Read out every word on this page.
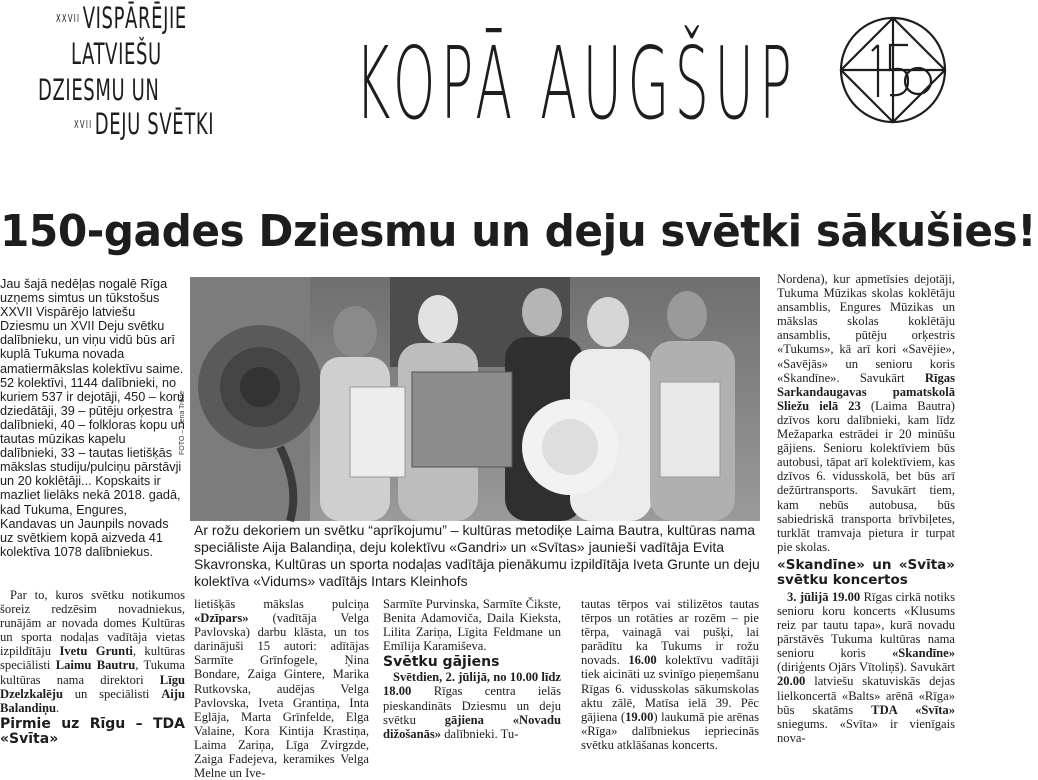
$^{XXVII}$VISPĀRĒJIE
LATVIEŠU
DZIESMU UN
$^{XVII}$DEJU SVĒTKI KOPĀ AUGŠUP	150
150-gades Dziesmu un deju svētki sākušies!
Jau šajā nedēļas nogalē Rīga uzņems simtus un tūkstošus XXVII Vispārējo latviešu Dziesmu un XVII Deju svētku dalībnieku, un viņu vidū būs arī kuplā Tukuma novada amatiermākslas kolektīvu saime. 52 kolektīvi, 1144 dalībnieki, no kuriem 537 ir dejotāji, 450 – koru dziedātāji, 39 – pūtēju orķestra dalībnieki, 40 – folkloras kopu un tautas mūzikas kapelu dalībnieki, 33 – tautas lietišķās mākslas studiju/pulciņu pārstāvji un 20 koklētāji... Kopskaits ir mazliet lielāks nekā 2018. gadā, kad Tukuma, Engures, Kandavas un Jaunpils novads uz svētkiem kopā aizveda 41 kolektīva 1078 dalībniekus.

Par to, kuros svētku notikumos šoreiz redzēsim novadniekus, runājām ar novada domes Kultūras un sporta nodaļas vadītāja vietas izpildītāju Ivetu Grunti, kultūras speciālisti Laimu Bautru, Tukuma kultūras nama direktori Līgu Dzelzkalēju un speciālisti Aiju Balandiņu.

Pirmie uz Rīgu – TDA «Svīta»
FOTO – Liena Trēde
Ar rožu dekoriem un svētku “aprīkojumu” – kultūras metodiķe Laima Bautra, kultūras nama speciāliste Aija Balandiņa, deju kolektīvu «Gandri» un «Svītas» jaunieši vadītāja Evita Skavronska, Kultūras un sporta nodaļas vadītāja pienākumu izpildītāja Iveta Grunte un deju kolektīva «Vidums» vadītājs Intars Kleinhofs

lietišķās mākslas pulciņa «Dzīpars» (vadītāja Velga Pavlovska) darbu klāsta, un tos darinājuši 15 autori: adītājas Sarmīte Grīnfogele, Ņina Bondare, Zaiga Gintere, Marika Rutkovska, audējas Velga Pavlovska, Iveta Grantiņa, Inta Eglāja, Marta Grīnfelde, Elga Valaine, Kora Kintija Krastiņa, Laima Zariņa, Līga Zvirgzde, Zaiga Fadejeva, keramikes Velga Melne un Ive-

Sarmīte Purvinska, Sarmīte Čikste, Benita Adamoviča, Daila Kieksta, Lilita Zariņa, Līgita Feldmane un Emīlija Karamiševa.

Svētku gājiens

Svētdien, 2. jūlijā, no 10.00 līdz 18.00 Rīgas centra ielās pieskandināts Dziesmu un deju svētku gājiena «Novadu dižošanās» dalībnieki. Tu-

tautas tērpos vai stilizētos tautas tērpos un rotāties ar rozēm – pie tērpa, vainagā vai pušķi, lai parādītu ka Tukums ir rožu novads. 16.00 kolektīvu vadītāji tiek aicināti uz svinīgo pieņemšanu Rīgas 6. vidusskolas sākumskolas aktu zālē, Matīsa ielā 39. Pēc gājiena (19.00) laukumā pie arēnas «Rīga» dalībniekus iepriecinās svētku atklāšanas koncerts.

Nordena), kur apmetīsies dejotāji, Tukuma Mūzikas skolas koklētāju ansamblis, Engures Mūzikas un mākslas skolas koklētāju ansamblis, pūtēju orķestris «Tukums», kā arī kori «Savējie», «Savējās» un senioru koris «Skandīne». Savukārt Rīgas Sarkandaugavas pamatskolā Sliežu ielā 23 (Laima Bautra) dzīvos koru dalībnieki, kam līdz Mežaparka estrādei ir 20 minūšu gājiens. Senioru kolektīviem būs autobusi, tāpat arī kolektīviem, kas dzīvos 6. vidusskolā, bet būs arī dežūrtransports. Savukārt tiem, kam nebūs autobusa, būs sabiedriskā transporta brīvbiļetes, turklāt tramvaja pietura ir turpat pie skolas.

«Skandīne» un «Svīta» svētku koncertos

3. jūlijā 19.00 Rīgas cirkā notiks senioru koru koncerts «Klusums reiz par tautu tapa», kurā novadu pārstāvēs Tukuma kultūras nama senioru koris «Skandīne» (diriģents Ojārs Vītoliņš). Savukārt 20.00 latviešu skatuviskās dejas lielkoncertā «Balts» arēnā «Rīga» būs skatāms TDA «Svīta» sniegums. «Svīta» ir vienīgais nova-
